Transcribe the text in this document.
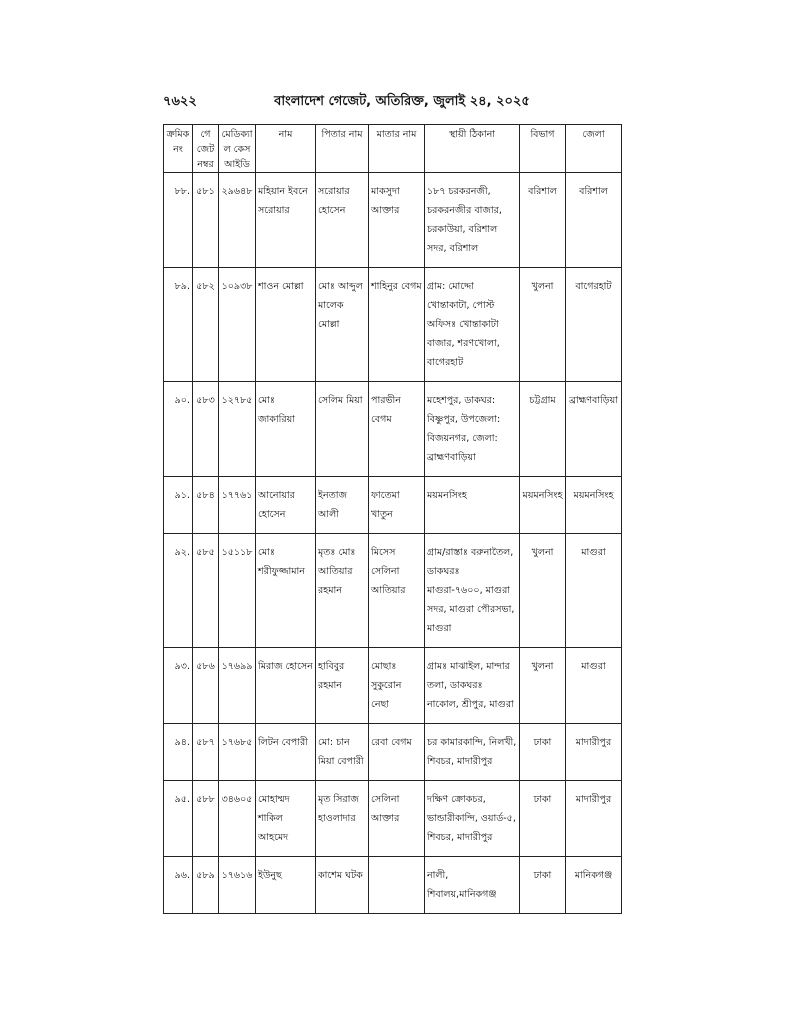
৭৬২২	বাংলাদেশ গেজেট, অতিরিক্ত, জুলাই ২৪, ২০২৫
ক্রমিক নং	গেজেট নম্বর	মেডিক্যাল কেস আইডি	নাম	পিতার নাম	মাতার নাম	স্থায়ী ঠিকানা	বিভাগ	জেলা
৮৮.	৫৮১	২৯৬৪৮	মহিয়ান ইবনে সরোয়ার	সরোয়ার হোসেন	মাকসুদা আক্তার	১৮৭ চরকরনজী, চরকরনজীর বাজার, চরকাউয়া, বরিশাল সদর, বরিশাল	বরিশাল	বরিশাল
৮৯.	৫৮২	১০৯৩৮	শাওন মোল্লা	মোঃ আব্দুল মালেক মোল্লা	শাহিনুর বেগম	গ্রাম: মোদ্দো খোন্তাকাটা, পোস্ট অফিসঃ খোন্তাকাটা বাজার, শরণখোলা, বাগেরহাট	খুলনা	বাগেরহাট
৯০.	৫৮৩	১২৭৮৫	মোঃ জাকারিয়া	সেলিম মিয়া	পারভীন বেগম	মহেশপুর, ডাকঘর: বিষ্ণুপুর, উপজেলা: বিজয়নগর, জেলা: ব্রাহ্মণবাড়িয়া	চট্টগ্রাম	ব্রাহ্মণবাড়িয়া
৯১.	৫৮৪	১৭৭৬১	আনোয়ার হোসেন	ইনতাজ আলী	ফাতেমা খাতুন	ময়মনসিংহ	ময়মনসিংহ	ময়মনসিংহ
৯২.	৫৮৫	১৫১১৮	মোঃ শরীফুজ্জামান	মৃতঃ মোঃ আতিয়ার রহমান	মিসেস সেলিনা আতিয়ার	গ্রাম/রাস্তাঃ বরুনাতৈল, ডাকঘরঃ মাগুরা-৭৬০০, মাগুরা সদর, মাগুরা পৌরসভা, মাগুরা	খুলনা	মাগুরা
৯৩.	৫৮৬	১৭৬৯৯	মিরাজ হোসেন	হাবিবুর রহমান	মোছাঃ সুকুরোন নেছা	গ্রামঃ মাঝাইল, মান্দার তলা, ডাকঘরঃ নাকোল, শ্রীপুর, মাগুরা	খুলনা	মাগুরা
৯৪.	৫৮৭	১৭৬৮৫	লিটন বেপারী	মো: চান মিয়া বেপারী	রেবা বেগম	চর কামারকান্দি, নিলখী, শিবচর, মাদারীপুর	ঢাকা	মাদারীপুর
৯৫.	৫৮৮	৩৪৬০৫	মোহাম্মদ শাকিল আহমেদ	মৃত সিরাজ হাওলাদার	সেলিনা আক্তার	দক্ষিণ ক্রোকচর, ভান্ডারীকান্দি, ওয়ার্ড-৫, শিবচর, মাদারীপুর	ঢাকা	মাদারীপুর
৯৬.	৫৮৯	১৭৬১৬	ইউনুছ	কাশেম ঘটক		নালী, শিবালয়,মানিকগঞ্জ	ঢাকা	মানিকগঞ্জ
